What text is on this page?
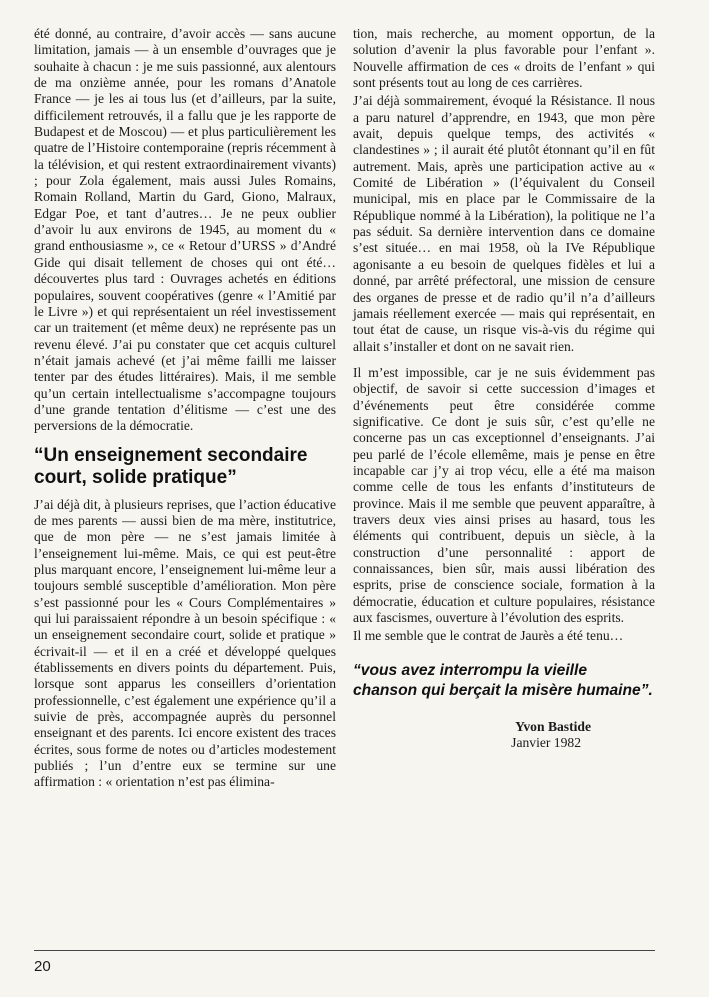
été donné, au contraire, d’avoir accès — sans aucune limitation, jamais — à un ensemble d’ouvrages que je souhaite à chacun : je me suis passionné, aux alentours de ma onzième année, pour les romans d’Anatole France — je les ai tous lus (et d’ailleurs, par la suite, difficilement retrouvés, il a fallu que je les rapporte de Budapest et de Moscou) — et plus particulièrement les quatre de l’Histoire contemporaine (repris récemment à la télévision, et qui restent extraordinairement vivants) ; pour Zola également, mais aussi Jules Romains, Romain Rolland, Martin du Gard, Giono, Malraux, Edgar Poe, et tant d’autres… Je ne peux oublier d’avoir lu aux environs de 1945, au moment du « grand enthousiasme », ce « Retour d’URSS » d’André Gide qui disait tellement de choses qui ont été… découvertes plus tard : Ouvrages achetés en éditions populaires, souvent coopératives (genre « l’Amitié par le Livre ») et qui représentaient un réel investissement car un traitement (et même deux) ne représente pas un revenu élevé. J’ai pu constater que cet acquis culturel n’était jamais achevé (et j’ai même failli me laisser tenter par des études littéraires). Mais, il me semble qu’un certain intellectualisme s’accompagne toujours d’une grande tentation d’élitisme — c’est une des perversions de la démocratie.

“Un enseignement secondaire court, solide pratique”

J’ai déjà dit, à plusieurs reprises, que l’action éducative de mes parents — aussi bien de ma mère, institutrice, que de mon père — ne s’est jamais limitée à l’enseignement lui-même. Mais, ce qui est peut-être plus marquant encore, l’enseignement lui-même leur a toujours semblé susceptible d’amélioration. Mon père s’est passionné pour les « Cours Complémentaires » qui lui paraissaient répondre à un besoin spécifique : « un enseignement secondaire court, solide et pratique » écrivait-il — et il en a créé et développé quelques établissements en divers points du département. Puis, lorsque sont apparus les conseillers d’orientation professionnelle, c’est également une expérience qu’il a suivie de près, accompagnée auprès du personnel enseignant et des parents. Ici encore existent des traces écrites, sous forme de notes ou d’articles modestement publiés ; l’un d’entre eux se termine sur une affirmation : « orientation n’est pas élimina-

tion, mais recherche, au moment opportun, de la solution d’avenir la plus favorable pour l’enfant ». Nouvelle affirmation de ces « droits de l’enfant » qui sont présents tout au long de ces carrières.

J’ai déjà sommairement, évoqué la Résistance. Il nous a paru naturel d’apprendre, en 1943, que mon père avait, depuis quelque temps, des activités « clandestines » ; il aurait été plutôt étonnant qu’il en fût autrement. Mais, après une participation active au « Comité de Libération » (l’équivalent du Conseil municipal, mis en place par le Commissaire de la République nommé à la Libération), la politique ne l’a pas séduit. Sa dernière intervention dans ce domaine s’est située… en mai 1958, où la IVe République agonisante a eu besoin de quelques fidèles et lui a donné, par arrêté préfectoral, une mission de censure des organes de presse et de radio qu’il n’a d’ailleurs jamais réellement exercée — mais qui représentait, en tout état de cause, un risque vis-à-vis du régime qui allait s’installer et dont on ne savait rien.

Il m’est impossible, car je ne suis évidemment pas objectif, de savoir si cette succession d’images et d’événements peut être considérée comme significative. Ce dont je suis sûr, c’est qu’elle ne concerne pas un cas exceptionnel d’enseignants. J’ai peu parlé de l’école ellemême, mais je pense en être incapable car j’y ai trop vécu, elle a été ma maison comme celle de tous les enfants d’instituteurs de province. Mais il me semble que peuvent apparaître, à travers deux vies ainsi prises au hasard, tous les éléments qui contribuent, depuis un siècle, à la construction d’une personnalité : apport de connaissances, bien sûr, mais aussi libération des esprits, prise de conscience sociale, formation à la démocratie, éducation et culture populaires, résistance aux fascismes, ouverture à l’évolution des esprits.

Il me semble que le contrat de Jaurès a été tenu…

“vous avez interrompu la vieille chanson qui berçait la misère humaine”.
Yvon Bastide
Janvier 1982
20
